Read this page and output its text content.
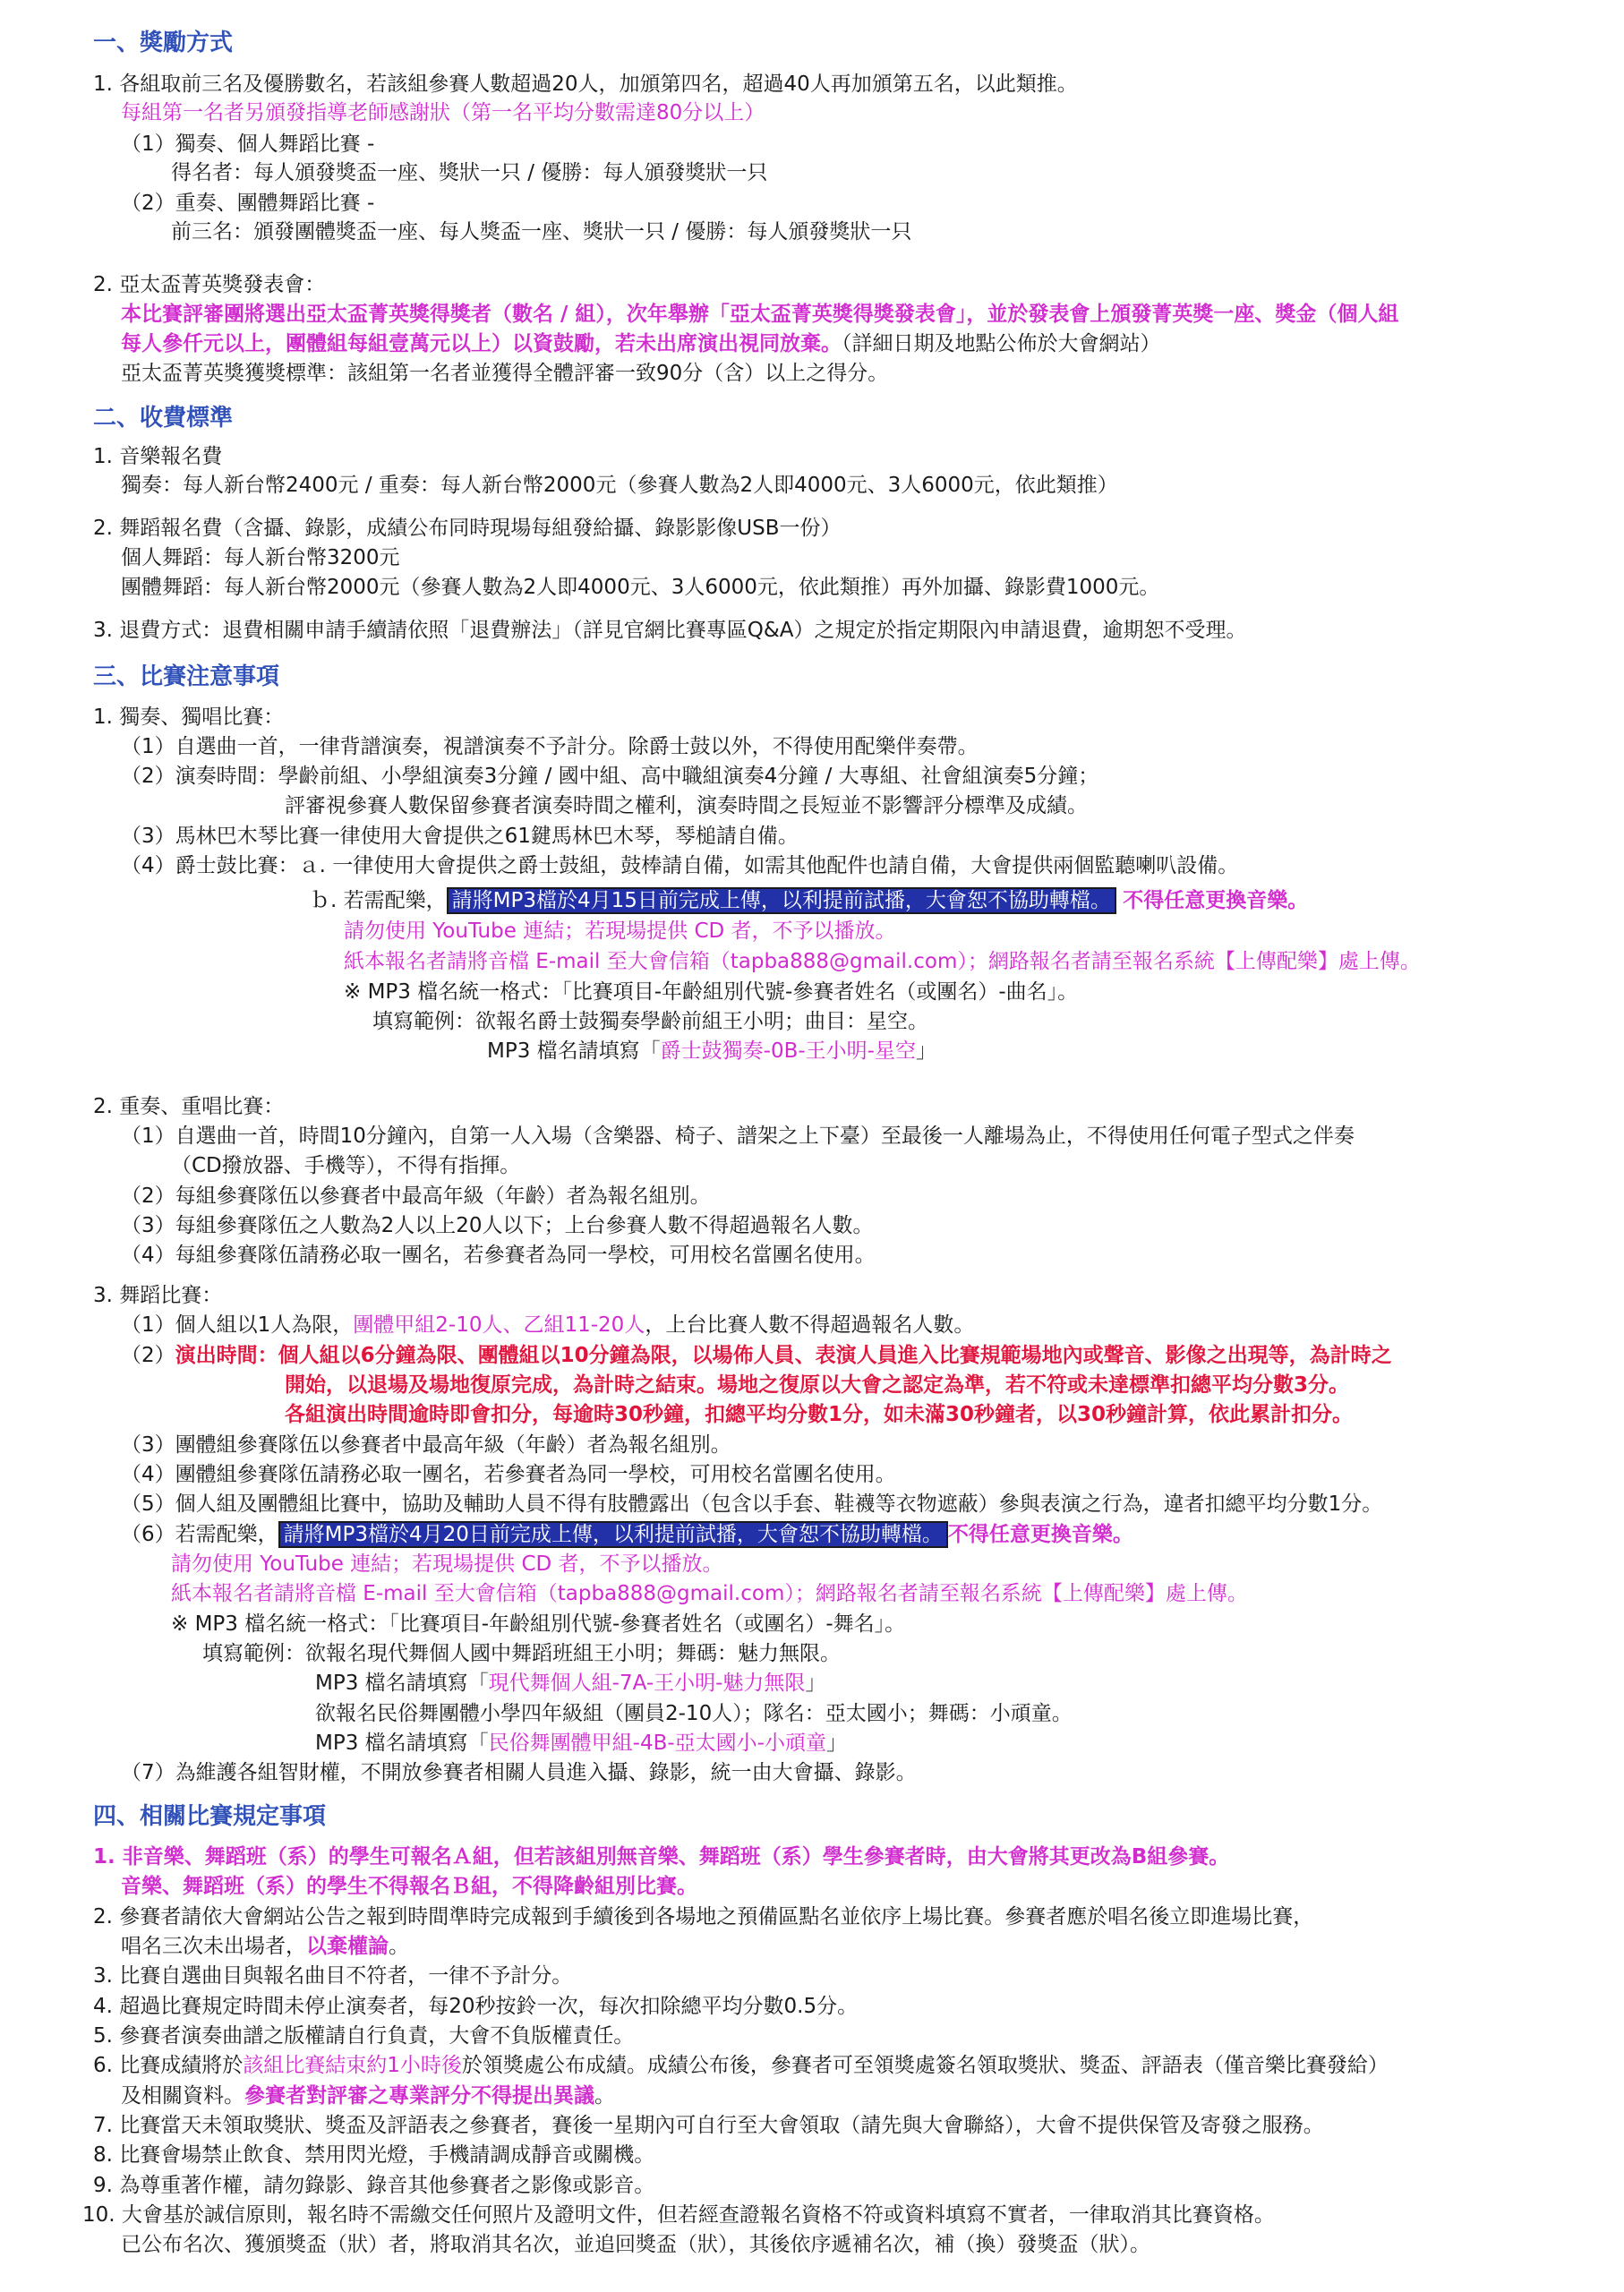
一、獎勵方式
1. 各組取前三名及優勝數名，若該組參賽人數超過20人，加頒第四名，超過40人再加頒第五名，以此類推。
每組第一名者另頒發指導老師感謝狀（第一名平均分數需達80分以上）
（1）獨奏、個人舞蹈比賽 -
得名者：每人頒發獎盃一座、獎狀一只 / 優勝：每人頒發獎狀一只
（2）重奏、團體舞蹈比賽 -
前三名：頒發團體獎盃一座、每人獎盃一座、獎狀一只 / 優勝：每人頒發獎狀一只
2. 亞太盃菁英獎發表會：
本比賽評審團將選出亞太盃菁英獎得獎者（數名 / 組），次年舉辦「亞太盃菁英獎得獎發表會」，並於發表會上頒發菁英獎一座、獎金（個人組
每人參仟元以上，團體組每組壹萬元以上）以資鼓勵，若未出席演出視同放棄。（詳細日期及地點公佈於大會網站）
亞太盃菁英獎獲獎標準：該組第一名者並獲得全體評審一致90分（含）以上之得分。
二、收費標準
1. 音樂報名費
獨奏：每人新台幣2400元 / 重奏：每人新台幣2000元（參賽人數為2人即4000元、3人6000元，依此類推）
2. 舞蹈報名費（含攝、錄影，成績公布同時現場每組發給攝、錄影影像USB一份）
個人舞蹈：每人新台幣3200元
團體舞蹈：每人新台幣2000元（參賽人數為2人即4000元、3人6000元，依此類推）再外加攝、錄影費1000元。
3. 退費方式：退費相關申請手續請依照「退費辦法」（詳見官網比賽專區Q&A）之規定於指定期限內申請退費，逾期恕不受理。
三、比賽注意事項
1. 獨奏、獨唱比賽：
（1）自選曲一首，一律背譜演奏，視譜演奏不予計分。除爵士鼓以外，不得使用配樂伴奏帶。
（2）演奏時間：學齡前組、小學組演奏3分鐘 / 國中組、高中職組演奏4分鐘 / 大專組、社會組演奏5分鐘；
評審視參賽人數保留參賽者演奏時間之權利，演奏時間之長短並不影響評分標準及成績。
（3）馬林巴木琴比賽一律使用大會提供之61鍵馬林巴木琴，琴槌請自備。
（4）爵士鼓比賽：ａ. 一律使用大會提供之爵士鼓組，鼓棒請自備，如需其他配件也請自備，大會提供兩個監聽喇叭設備。
ｂ. 若需配樂， 請將MP3檔於4月15日前完成上傳，以利提前試播，大會恕不協助轉檔。 不得任意更換音樂。
請勿使用 YouTube 連結；若現場提供 CD 者，不予以播放。
紙本報名者請將音檔 E-mail 至大會信箱（tapba888@gmail.com）；網路報名者請至報名系統【上傳配樂】處上傳。
※ MP3 檔名統一格式：「比賽項目-年齡組別代號-參賽者姓名（或團名）-曲名」。
填寫範例：欲報名爵士鼓獨奏學齡前組王小明；曲目：星空。
MP3 檔名請填寫「爵士鼓獨奏-0B-王小明-星空」
2. 重奏、重唱比賽：
（1）自選曲一首，時間10分鐘內，自第一人入場（含樂器、椅子、譜架之上下臺）至最後一人離場為止，不得使用任何電子型式之伴奏
（CD撥放器、手機等），不得有指揮。
（2）每組參賽隊伍以參賽者中最高年級（年齡）者為報名組別。
（3）每組參賽隊伍之人數為2人以上20人以下；上台參賽人數不得超過報名人數。
（4）每組參賽隊伍請務必取一團名，若參賽者為同一學校，可用校名當團名使用。
3. 舞蹈比賽：
（1）個人組以1人為限，團體甲組2-10人、乙組11-20人，上台比賽人數不得超過報名人數。
（2）演出時間：個人組以6分鐘為限、團體組以10分鐘為限，以場佈人員、表演人員進入比賽規範場地內或聲音、影像之出現等，為計時之
開始，以退場及場地復原完成，為計時之結束。場地之復原以大會之認定為準，若不符或未達標準扣總平均分數3分。
各組演出時間逾時即會扣分，每逾時30秒鐘，扣總平均分數1分，如未滿30秒鐘者，以30秒鐘計算，依此累計扣分。
（3）團體組參賽隊伍以參賽者中最高年級（年齡）者為報名組別。
（4）團體組參賽隊伍請務必取一團名，若參賽者為同一學校，可用校名當團名使用。
（5）個人組及團體組比賽中，協助及輔助人員不得有肢體露出（包含以手套、鞋襪等衣物遮蔽）參與表演之行為，違者扣總平均分數1分。
（6）若需配樂， 請將MP3檔於4月20日前完成上傳，以利提前試播，大會恕不協助轉檔。 不得任意更換音樂。
請勿使用 YouTube 連結；若現場提供 CD 者，不予以播放。
紙本報名者請將音檔 E-mail 至大會信箱（tapba888@gmail.com）；網路報名者請至報名系統【上傳配樂】處上傳。
※ MP3 檔名統一格式：「比賽項目-年齡組別代號-參賽者姓名（或團名）-舞名」。
填寫範例：欲報名現代舞個人國中舞蹈班組王小明；舞碼：魅力無限。
MP3 檔名請填寫「現代舞個人組-7A-王小明-魅力無限」
欲報名民俗舞團體小學四年級組（團員2-10人）；隊名：亞太國小；舞碼：小頑童。
MP3 檔名請填寫「民俗舞團體甲組-4B-亞太國小-小頑童」
（7）為維護各組智財權，不開放參賽者相關人員進入攝、錄影，統一由大會攝、錄影。
四、相關比賽規定事項
1. 非音樂、舞蹈班（系）的學生可報名Ａ組，但若該組別無音樂、舞蹈班（系）學生參賽者時，由大會將其更改為B組參賽。
音樂、舞蹈班（系）的學生不得報名Ｂ組，不得降齡組別比賽。
2. 參賽者請依大會網站公告之報到時間準時完成報到手續後到各場地之預備區點名並依序上場比賽。參賽者應於唱名後立即進場比賽，
唱名三次未出場者，以棄權論。
3. 比賽自選曲目與報名曲目不符者，一律不予計分。
4. 超過比賽規定時間未停止演奏者，每20秒按鈴一次，每次扣除總平均分數0.5分。
5. 參賽者演奏曲譜之版權請自行負責，大會不負版權責任。
6. 比賽成績將於該組比賽結束約1小時後於領獎處公布成績。成績公布後，參賽者可至領獎處簽名領取獎狀、獎盃、評語表（僅音樂比賽發給）
及相關資料。參賽者對評審之專業評分不得提出異議。
7. 比賽當天未領取獎狀、獎盃及評語表之參賽者，賽後一星期內可自行至大會領取（請先與大會聯絡），大會不提供保管及寄發之服務。
8. 比賽會場禁止飲食、禁用閃光燈，手機請調成靜音或關機。
9. 為尊重著作權，請勿錄影、錄音其他參賽者之影像或影音。
10. 大會基於誠信原則，報名時不需繳交任何照片及證明文件，但若經查證報名資格不符或資料填寫不實者，一律取消其比賽資格。
已公布名次、獲頒獎盃（狀）者，將取消其名次，並追回獎盃（狀），其後依序遞補名次，補（換）發獎盃（狀）。
